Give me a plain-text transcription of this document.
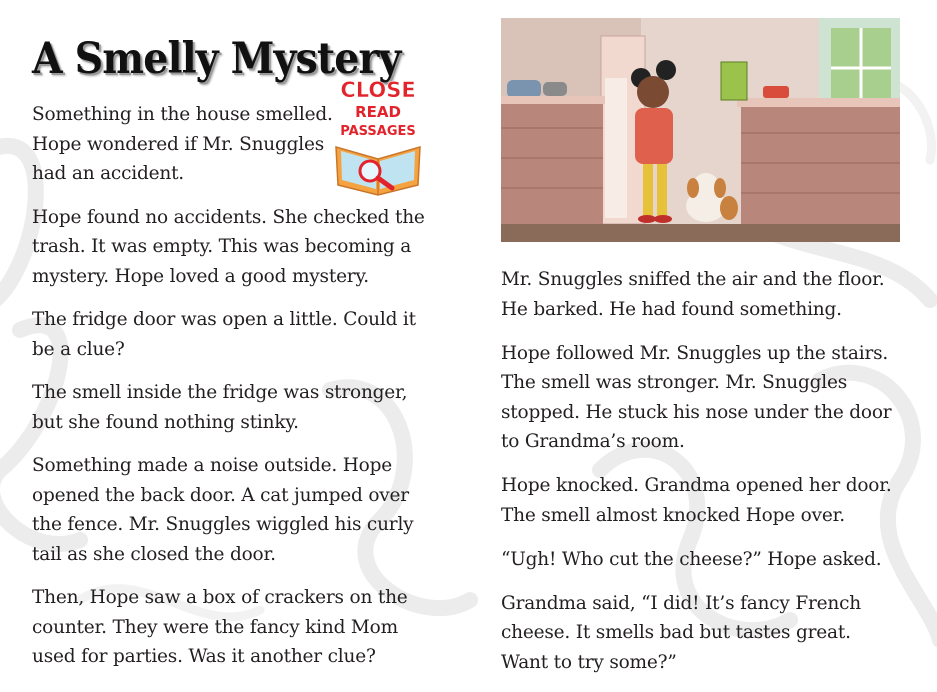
A Smelly Mystery

Something in the house smelled. Hope wondered if Mr. Snuggles had an accident.

Hope found no accidents. She checked the trash. It was empty. This was becoming a mystery. Hope loved a good mystery.

The fridge door was open a little. Could it be a clue?

The smell inside the fridge was stronger, but she found nothing stinky.

Something made a noise outside. Hope opened the back door. A cat jumped over the fence. Mr. Snuggles wiggled his curly tail as she closed the door.

Then, Hope saw a box of crackers on the counter. They were the fancy kind Mom used for parties. Was it another clue?

CLOSE
READ
PASSAGES

Mr. Snuggles sniffed the air and the floor. He barked. He had found something.

Hope followed Mr. Snuggles up the stairs. The smell was stronger. Mr. Snuggles stopped. He stuck his nose under the door to Grandma’s room.

Hope knocked. Grandma opened her door. The smell almost knocked Hope over.

“Ugh! Who cut the cheese?” Hope asked.

Grandma said, “I did! It’s fancy French cheese. It smells bad but tastes great. Want to try some?”
